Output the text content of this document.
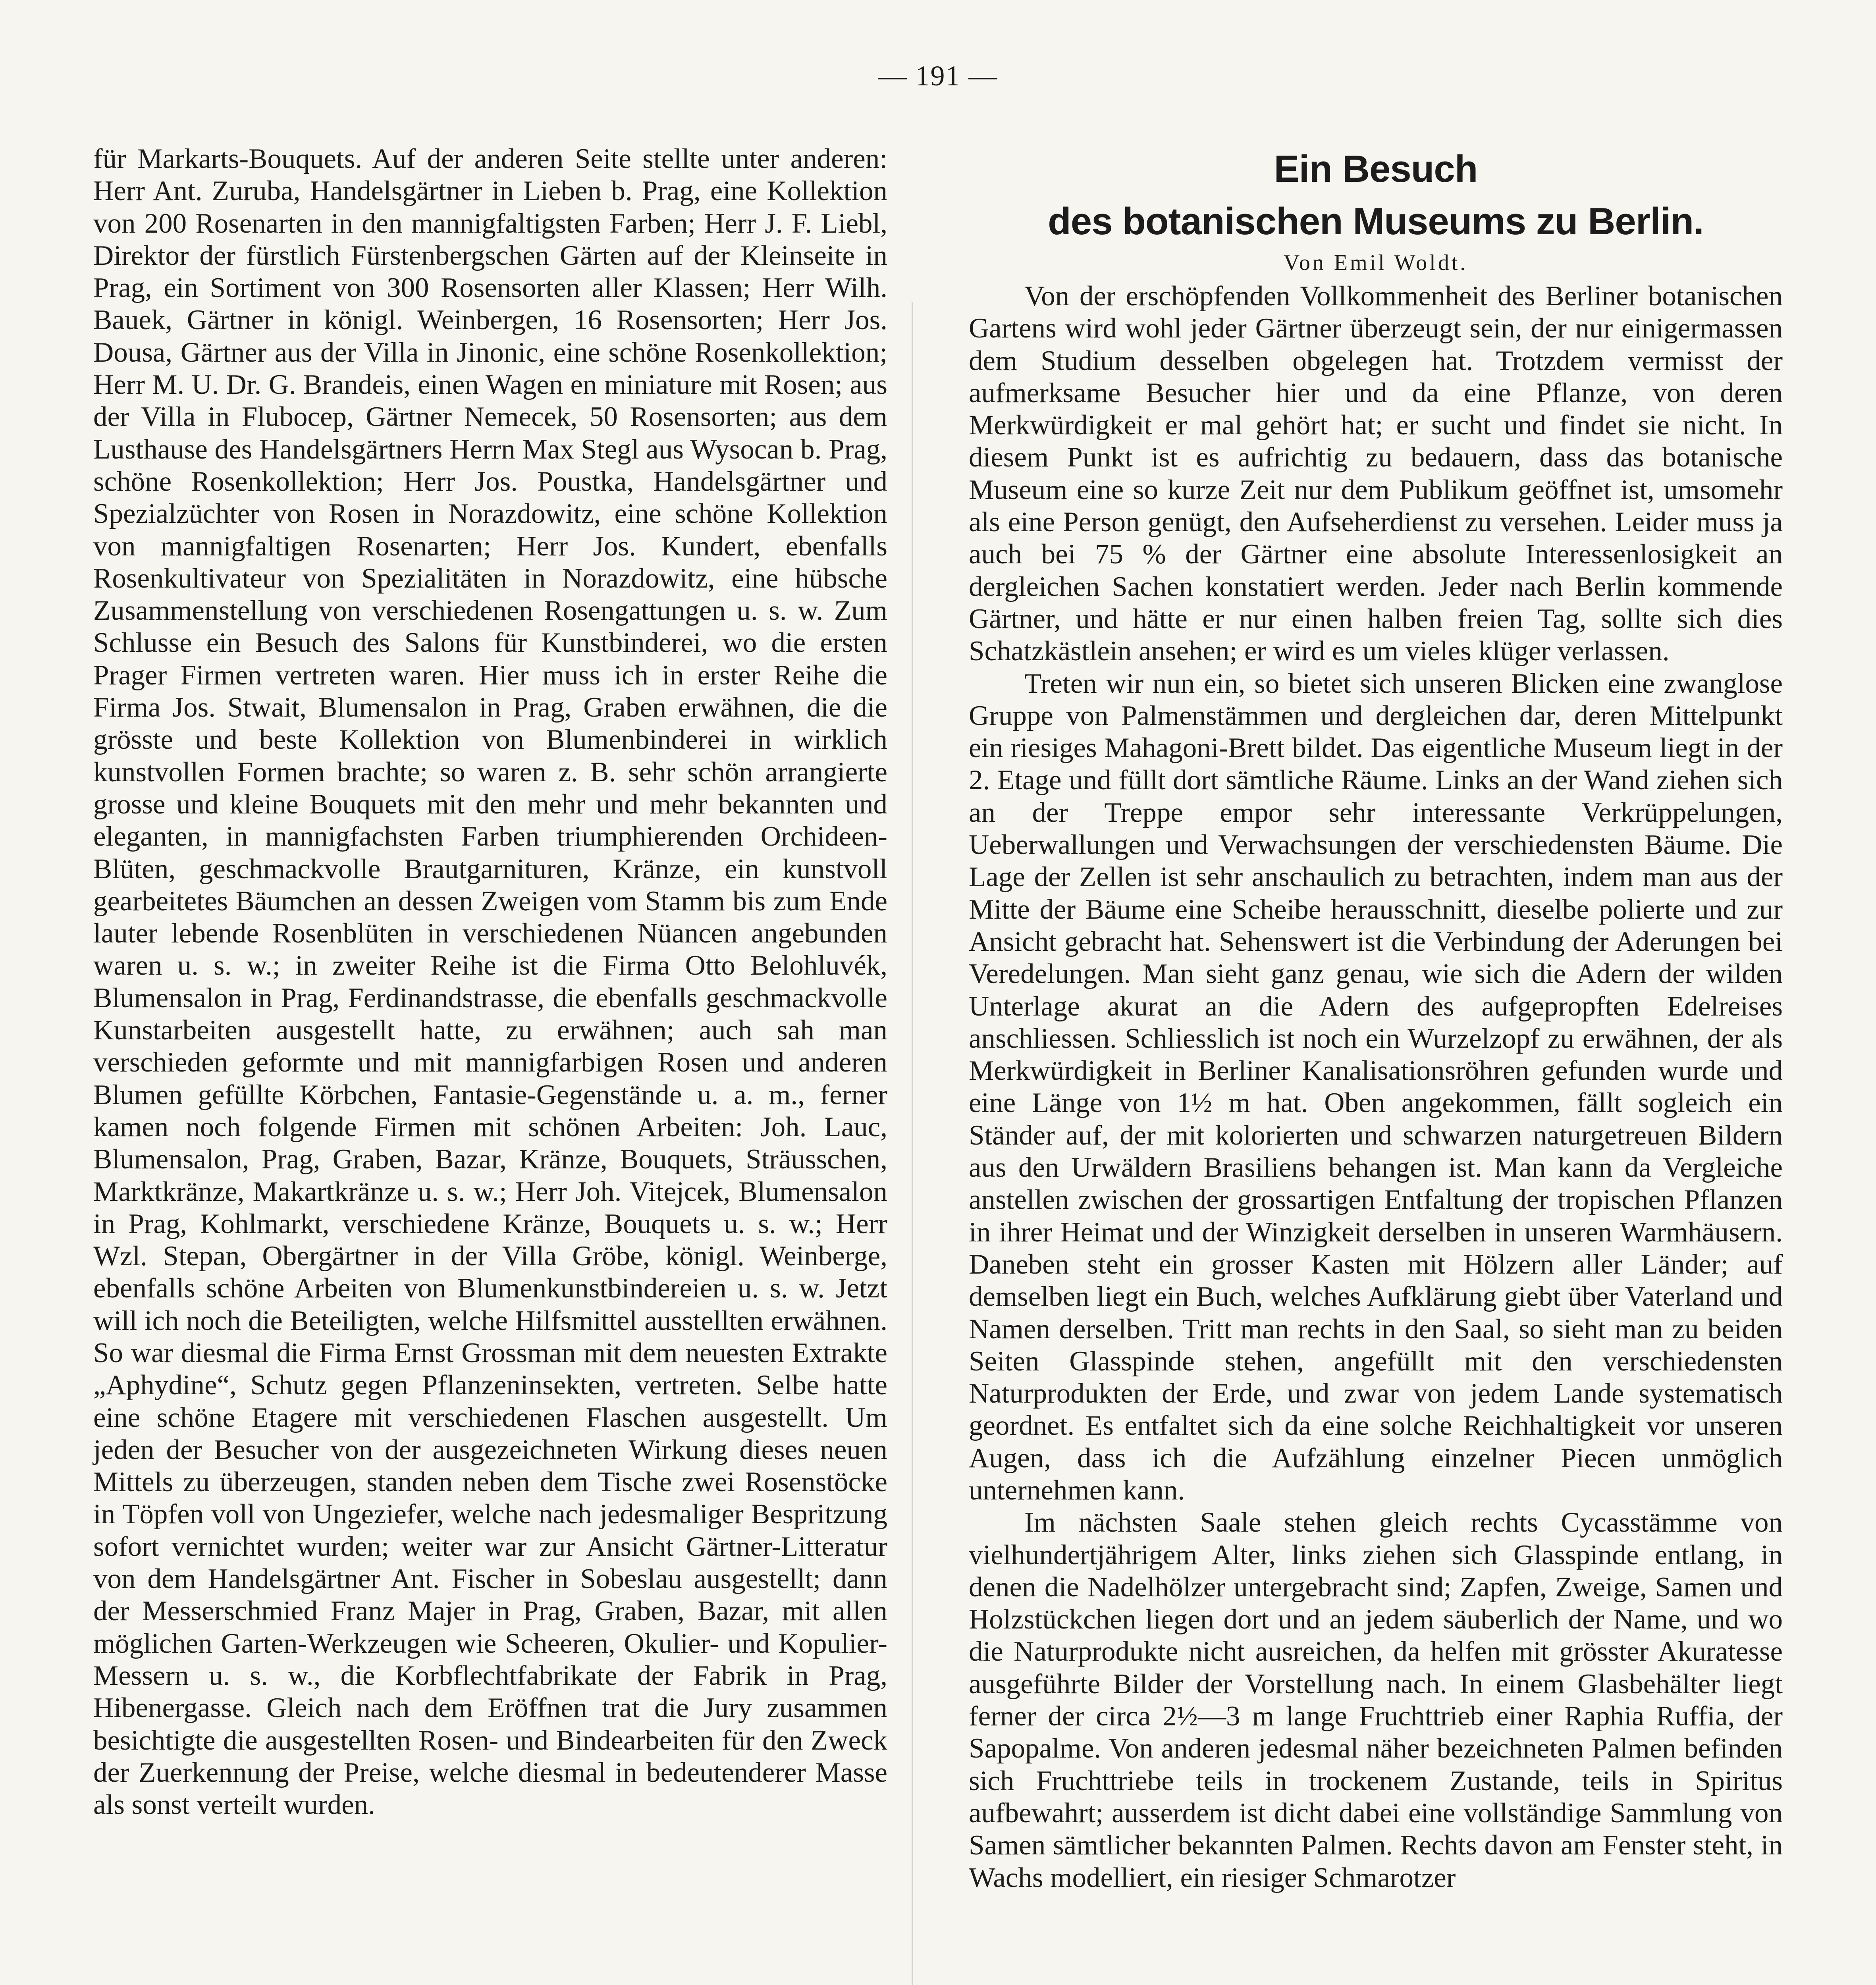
— 191 —

für Markarts-Bouquets. Auf der anderen Seite stellte unter anderen: Herr Ant. Zuruba, Handelsgärtner in Lieben b. Prag, eine Kollektion von 200 Rosenarten in den mannigfaltigsten Farben; Herr J. F. Liebl, Direktor der fürstlich Fürstenbergschen Gärten auf der Kleinseite in Prag, ein Sortiment von 300 Rosensorten aller Klassen; Herr Wilh. Bauek, Gärtner in königl. Weinbergen, 16 Rosensorten; Herr Jos. Dousa, Gärtner aus der Villa in Jinonic, eine schöne Rosenkollektion; Herr M. U. Dr. G. Brandeis, einen Wagen en miniature mit Rosen; aus der Villa in Flubocep, Gärtner Nemecek, 50 Rosensorten; aus dem Lusthause des Handelsgärtners Herrn Max Stegl aus Wysocan b. Prag, schöne Rosenkollektion; Herr Jos. Poustka, Handelsgärtner und Spezialzüchter von Rosen in Norazdowitz, eine schöne Kollektion von mannigfaltigen Rosenarten; Herr Jos. Kundert, ebenfalls Rosenkultivateur von Spezialitäten in Norazdowitz, eine hübsche Zusammenstellung von verschiedenen Rosengattungen u. s. w. Zum Schlusse ein Besuch des Salons für Kunstbinderei, wo die ersten Prager Firmen vertreten waren. Hier muss ich in erster Reihe die Firma Jos. Stwait, Blumensalon in Prag, Graben erwähnen, die die grösste und beste Kollektion von Blumenbinderei in wirklich kunstvollen Formen brachte; so waren z. B. sehr schön arrangierte grosse und kleine Bouquets mit den mehr und mehr bekannten und eleganten, in mannigfachsten Farben triumphierenden Orchideen-Blüten, geschmackvolle Brautgarnituren, Kränze, ein kunstvoll gearbeitetes Bäumchen an dessen Zweigen vom Stamm bis zum Ende lauter lebende Rosenblüten in verschiedenen Nüancen angebunden waren u. s. w.; in zweiter Reihe ist die Firma Otto Belohluvék, Blumensalon in Prag, Ferdinandstrasse, die ebenfalls geschmackvolle Kunstarbeiten ausgestellt hatte, zu erwähnen; auch sah man verschieden geformte und mit mannigfarbigen Rosen und anderen Blumen gefüllte Körbchen, Fantasie-Gegenstände u. a. m., ferner kamen noch folgende Firmen mit schönen Arbeiten: Joh. Lauc, Blumensalon, Prag, Graben, Bazar, Kränze, Bouquets, Sträusschen, Marktkränze, Makartkränze u. s. w.; Herr Joh. Vitejcek, Blumensalon in Prag, Kohlmarkt, verschiedene Kränze, Bouquets u. s. w.; Herr Wzl. Stepan, Obergärtner in der Villa Gröbe, königl. Weinberge, ebenfalls schöne Arbeiten von Blumenkunstbindereien u. s. w. Jetzt will ich noch die Beteiligten, welche Hilfsmittel ausstellten erwähnen. So war diesmal die Firma Ernst Grossman mit dem neuesten Extrakte „Aphydine“, Schutz gegen Pflanzeninsekten, vertreten. Selbe hatte eine schöne Etagere mit verschiedenen Flaschen ausgestellt. Um jeden der Besucher von der ausgezeichneten Wirkung dieses neuen Mittels zu überzeugen, standen neben dem Tische zwei Rosenstöcke in Töpfen voll von Ungeziefer, welche nach jedesmaliger Bespritzung sofort vernichtet wurden; weiter war zur Ansicht Gärtner-Litteratur von dem Handelsgärtner Ant. Fischer in Sobeslau ausgestellt; dann der Messerschmied Franz Majer in Prag, Graben, Bazar, mit allen möglichen Garten-Werkzeugen wie Scheeren, Okulier- und Kopulier-Messern u. s. w., die Korbflechtfabrikate der Fabrik in Prag, Hibenergasse. Gleich nach dem Eröffnen trat die Jury zusammen besichtigte die ausgestellten Rosen- und Bindearbeiten für den Zweck der Zuerkennung der Preise, welche diesmal in bedeutenderer Masse als sonst verteilt wurden.

Ein Besuch
des botanischen Museums zu Berlin.
Von Emil Woldt.

Von der erschöpfenden Vollkommenheit des Berliner botanischen Gartens wird wohl jeder Gärtner überzeugt sein, der nur einigermassen dem Studium desselben obgelegen hat. Trotzdem vermisst der aufmerksame Besucher hier und da eine Pflanze, von deren Merkwürdigkeit er mal gehört hat; er sucht und findet sie nicht. In diesem Punkt ist es aufrichtig zu bedauern, dass das botanische Museum eine so kurze Zeit nur dem Publikum geöffnet ist, umsomehr als eine Person genügt, den Aufseherdienst zu versehen. Leider muss ja auch bei 75 % der Gärtner eine absolute Interessenlosigkeit an dergleichen Sachen konstatiert werden. Jeder nach Berlin kommende Gärtner, und hätte er nur einen halben freien Tag, sollte sich dies Schatzkästlein ansehen; er wird es um vieles klüger verlassen.

Treten wir nun ein, so bietet sich unseren Blicken eine zwanglose Gruppe von Palmenstämmen und dergleichen dar, deren Mittelpunkt ein riesiges Mahagoni-Brett bildet. Das eigentliche Museum liegt in der 2. Etage und füllt dort sämtliche Räume. Links an der Wand ziehen sich an der Treppe empor sehr interessante Verkrüppelungen, Ueberwallungen und Verwachsungen der verschiedensten Bäume. Die Lage der Zellen ist sehr anschaulich zu betrachten, indem man aus der Mitte der Bäume eine Scheibe herausschnitt, dieselbe polierte und zur Ansicht gebracht hat. Sehenswert ist die Verbindung der Aderungen bei Veredelungen. Man sieht ganz genau, wie sich die Adern der wilden Unterlage akurat an die Adern des aufgepropften Edelreises anschliessen. Schliesslich ist noch ein Wurzelzopf zu erwähnen, der als Merkwürdigkeit in Berliner Kanalisationsröhren gefunden wurde und eine Länge von 1½ m hat. Oben angekommen, fällt sogleich ein Ständer auf, der mit kolorierten und schwarzen naturgetreuen Bildern aus den Urwäldern Brasiliens behangen ist. Man kann da Vergleiche anstellen zwischen der grossartigen Entfaltung der tropischen Pflanzen in ihrer Heimat und der Winzigkeit derselben in unseren Warmhäusern. Daneben steht ein grosser Kasten mit Hölzern aller Länder; auf demselben liegt ein Buch, welches Aufklärung giebt über Vaterland und Namen derselben. Tritt man rechts in den Saal, so sieht man zu beiden Seiten Glasspinde stehen, angefüllt mit den verschiedensten Naturprodukten der Erde, und zwar von jedem Lande systematisch geordnet. Es entfaltet sich da eine solche Reichhaltigkeit vor unseren Augen, dass ich die Aufzählung einzelner Piecen unmöglich unternehmen kann.

Im nächsten Saale stehen gleich rechts Cycasstämme von vielhundertjährigem Alter, links ziehen sich Glasspinde entlang, in denen die Nadelhölzer untergebracht sind; Zapfen, Zweige, Samen und Holzstückchen liegen dort und an jedem säuberlich der Name, und wo die Naturprodukte nicht ausreichen, da helfen mit grösster Akuratesse ausgeführte Bilder der Vorstellung nach. In einem Glasbehälter liegt ferner der circa 2½—3 m lange Fruchttrieb einer Raphia Ruffia, der Sapopalme. Von anderen jedesmal näher bezeichneten Palmen befinden sich Fruchttriebe teils in trockenem Zustande, teils in Spiritus aufbewahrt; ausserdem ist dicht dabei eine vollständige Sammlung von Samen sämtlicher bekannten Palmen. Rechts davon am Fenster steht, in Wachs modelliert, ein riesiger Schmarotzer
